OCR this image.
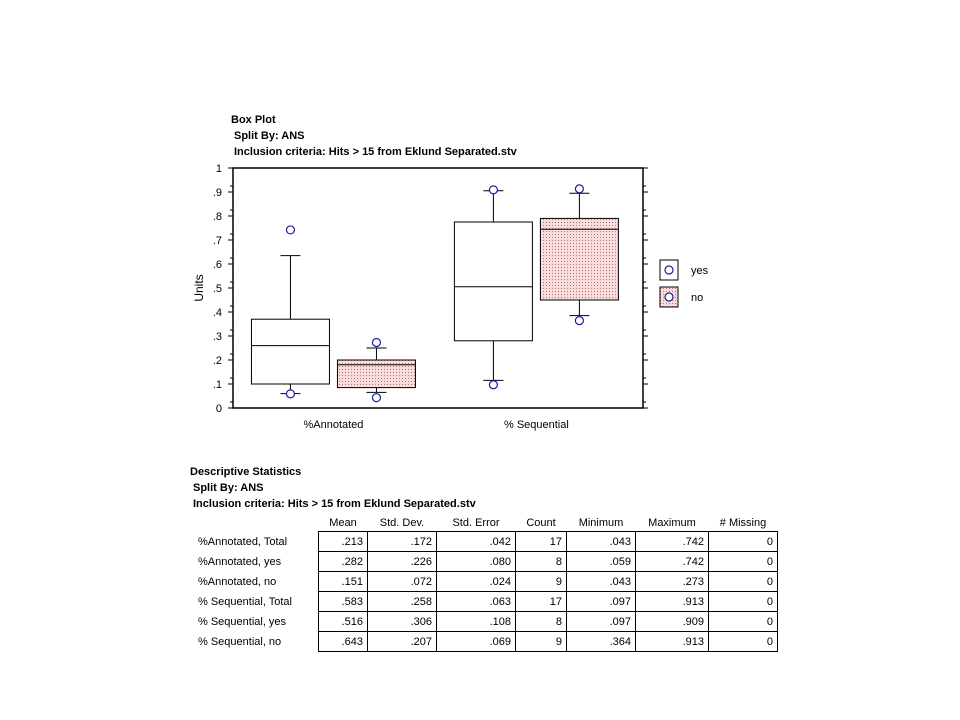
Box Plot
Split By: ANS
Inclusion criteria: Hits > 15 from Eklund Separated.stv
0
.1
.2
.3
.4
.5
.6
.7
.8
.9
1
Units
%Annotated	% Sequential
yes
no
Descriptive Statistics
Split By: ANS
Inclusion criteria: Hits > 15 from Eklund Separated.stv
	Mean	Std. Dev.	Std. Error	Count	Minimum	Maximum	# Missing
%Annotated, Total	.213	.172	.042	17	.043	.742	0
%Annotated, yes	.282	.226	.080	8	.059	.742	0
%Annotated, no	.151	.072	.024	9	.043	.273	0
% Sequential, Total	.583	.258	.063	17	.097	.913	0
% Sequential, yes	.516	.306	.108	8	.097	.909	0
% Sequential, no	.643	.207	.069	9	.364	.913	0
